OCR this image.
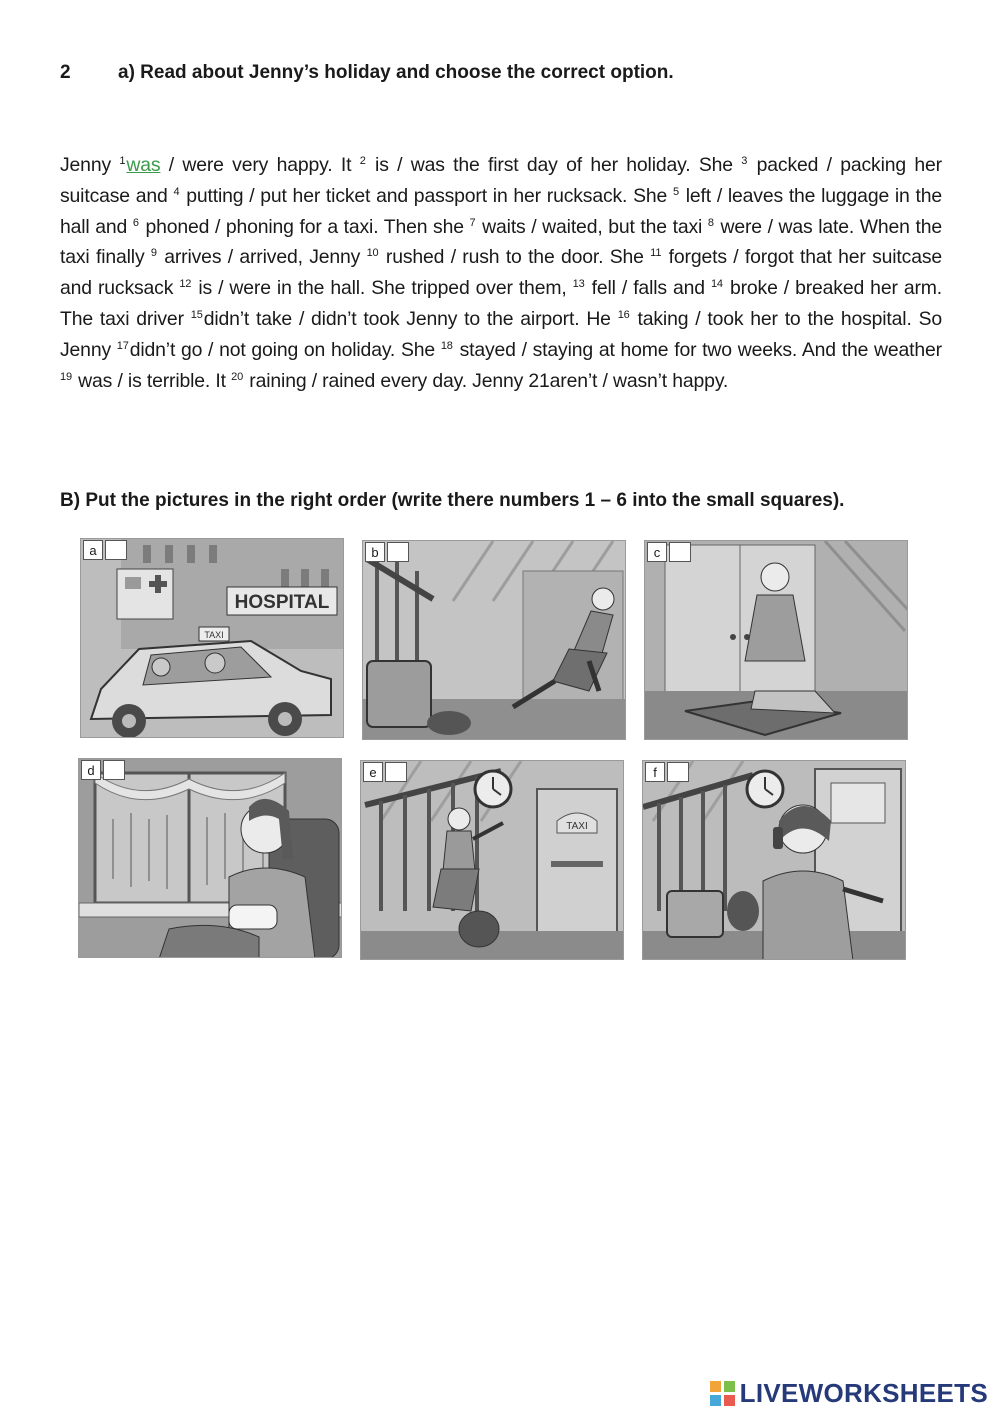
2 a) Read about Jenny’s holiday and choose the correct option.
Jenny $^1$was / were very happy. It $^2$ is / was the first day of her holiday. She $^3$ packed / packing her suitcase and $^4$ putting / put her ticket and passport in her rucksack. She $^5$ left / leaves the luggage in the hall and $^6$ phoned / phoning for a taxi. Then she $^7$ waits / waited, but the taxi $^8$ were / was late. When the taxi finally $^9$ arrives / arrived, Jenny $^{10}$ rushed / rush to the door. She $^{11}$ forgets / forgot that her suitcase and rucksack $^{12}$ is / were in the hall. She tripped over them, $^{13}$ fell / falls and $^{14}$ broke / breaked her arm. The taxi driver $^{15}$didn’t take / didn’t took Jenny to the airport. He $^{16}$ taking / took her to the hospital. So Jenny $^{17}$didn’t go / not going on holiday. She $^{18}$ stayed / staying at home for two weeks. And the weather $^{19}$ was / is terrible. It $^{20}$ raining / rained every day. Jenny 21aren’t / wasn’t happy.
B) Put the pictures in the right order (write there numbers 1 – 6 into the small squares).
HOSPITAL
TAXI
a	b	c
d
TAXI
e	f
LIVEWORKSHEETS
